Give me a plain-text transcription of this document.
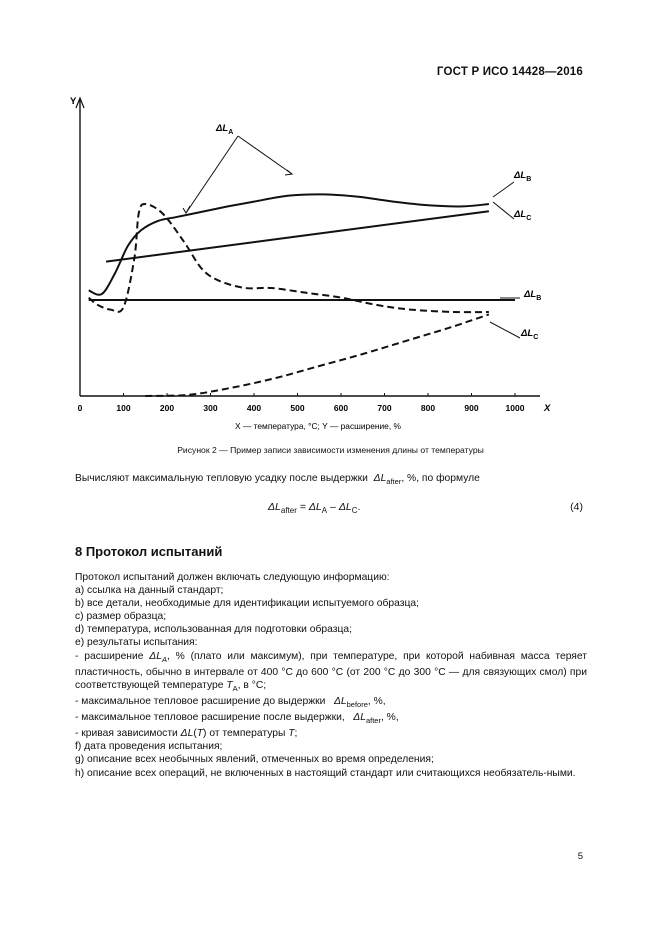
ГОСТ Р ИСО 14428—2016
Y
X
0	100	200	300	400	500	600	700	800	900	1000
$\Delta L_A$
$\Delta L_B$
$\Delta L_C$
$\Delta L_B$
$\Delta L_C$
X — температура, °С; Y — расширение, %
Рисунок 2 — Пример записи зависимости изменения длины от температуры
Вычисляют максимальную тепловую усадку после выдержки $\Delta L_{after}$, %, по формуле
$\Delta L_{after} = \Delta L_A - \Delta L_C$.	(4)
8 Протокол испытаний
Протокол испытаний должен включать следующую информацию:
a) ссылка на данный стандарт;
b) все детали, необходимые для идентификации испытуемого образца;
c) размер образца;
d) температура, использованная для подготовки образца;
e) результаты испытания:
- расширение $\Delta L_A$, % (плато или максимум), при температуре, при которой набивная масса теряет пластичность, обычно в интервале от 400 °С до 600 °С (от 200 °С до 300 °С — для связующих смол) при соответствующей температуре $T_A$, в °С;
- максимальное тепловое расширение до выдержки $\Delta L_{before}$, %,
- максимальное тепловое расширение после выдержки, $\Delta L_{after}$, %,
- кривая зависимости ΔL(T) от температуры T;
f) дата проведения испытания;
g) описание всех необычных явлений, отмеченных во время определения;
h) описание всех операций, не включенных в настоящий стандарт или считающихся необязатель-ными.
5
